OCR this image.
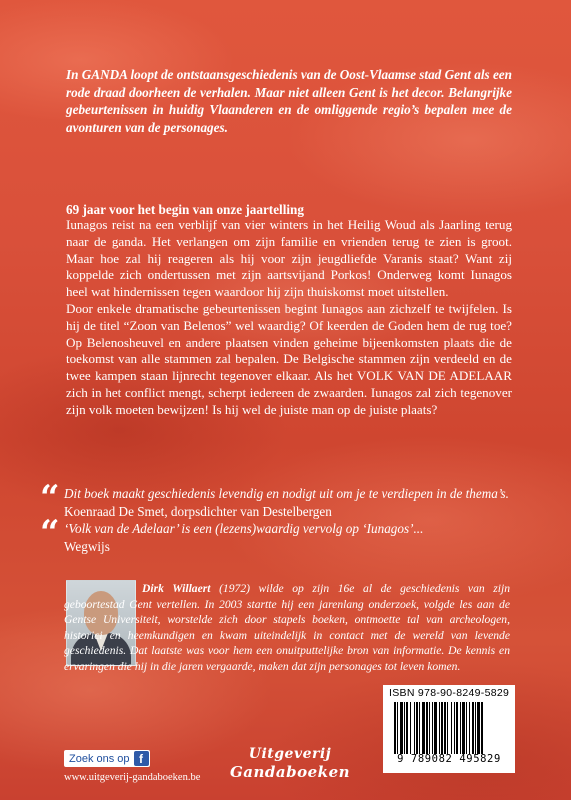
In GANDA loopt de ontstaansgeschiedenis van de Oost-Vlaamse stad Gent als een rode draad doorheen de verhalen. Maar niet alleen Gent is het decor. Belangrijke gebeurtenissen in huidig Vlaanderen en de omliggende regio’s bepalen mee de avonturen van de personages.
69 jaar voor het begin van onze jaartelling

Iunagos reist na een verblijf van vier winters in het Heilig Woud als Jaarling terug naar de ganda. Het verlangen om zijn familie en vrienden terug te zien is groot. Maar hoe zal hij reageren als hij voor zijn jeugdliefde Varanis staat? Want zij koppelde zich ondertussen met zijn aartsvijand Porkos! Onderweg komt Iunagos heel wat hindernissen tegen waardoor hij zijn thuiskomst moet uitstellen.

Door enkele dramatische gebeurtenissen begint Iunagos aan zichzelf te twijfelen. Is hij de titel “Zoon van Belenos” wel waardig? Of keerden de Goden hem de rug toe? Op Belenosheuvel en andere plaatsen vinden geheime bijeenkomsten plaats die de toekomst van alle stammen zal bepalen. De Belgische stammen zijn verdeeld en de twee kampen staan lijnrecht tegenover elkaar. Als het VOLK VAN DE ADELAAR zich in het conflict mengt, scherpt iedereen de zwaarden. Iunagos zal zich tegenover zijn volk moeten bewijzen! Is hij wel de juiste man op de juiste plaats?

“ Dit boek maakt geschiedenis levendig en nodigt uit om je te verdiepen in de thema’s. Koenraad De Smet, dorpsdichter van Destelbergen
“ ‘Volk van de Adelaar’ is een (lezens)waardig vervolg op ‘Iunagos’...
Wegwijs

Dirk Willaert (1972) wilde op zijn 16e al de geschiedenis van zijn geboortestad Gent vertellen. In 2003 startte hij een jarenlang onderzoek, volgde les aan de Gentse Universiteit, worstelde zich door stapels boeken, ontmoette tal van archeologen, historici en heemkundigen en kwam uiteindelijk in contact met de wereld van levende geschiedenis. Dat laatste was voor hem een onuitputtelijke bron van informatie. De kennis en ervaringen die hij in die jaren vergaarde, maken dat zijn personages tot leven komen.

ISBN 978-90-8249-5829
9 789082 495829
Zoek ons op f
www.uitgeverij-gandaboeken.be
Uitgeverij
Gandaboeken
